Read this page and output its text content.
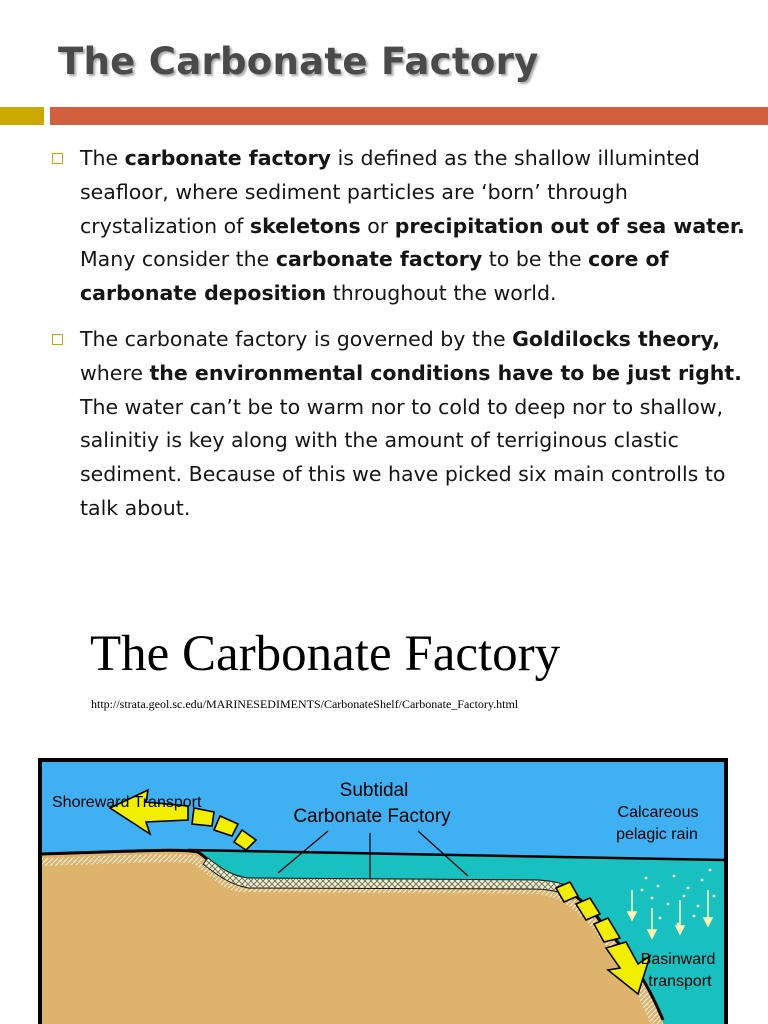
The Carbonate Factory
The carbonate factory is defined as the shallow illuminted seafloor, where sediment particles are ‘born’ through crystalization of skeletons or precipitation out of sea water. Many consider the carbonate factory to be the core of carbonate deposition throughout the world.
The carbonate factory is governed by the Goldilocks theory, where the environmental conditions have to be just right. The water can’t be to warm nor to cold to deep nor to shallow, salinitiy is key along with the amount of terriginous clastic sediment. Because of this we have picked six main controlls to talk about.
The Carbonate Factory
http://strata.geol.sc.edu/MARINESEDIMENTS/CarbonateShelf/Carbonate_Factory.html
Shoreward Transport
Subtidal
Carbonate Factory	Calcareous
pelagic rain
Basinward
transport
